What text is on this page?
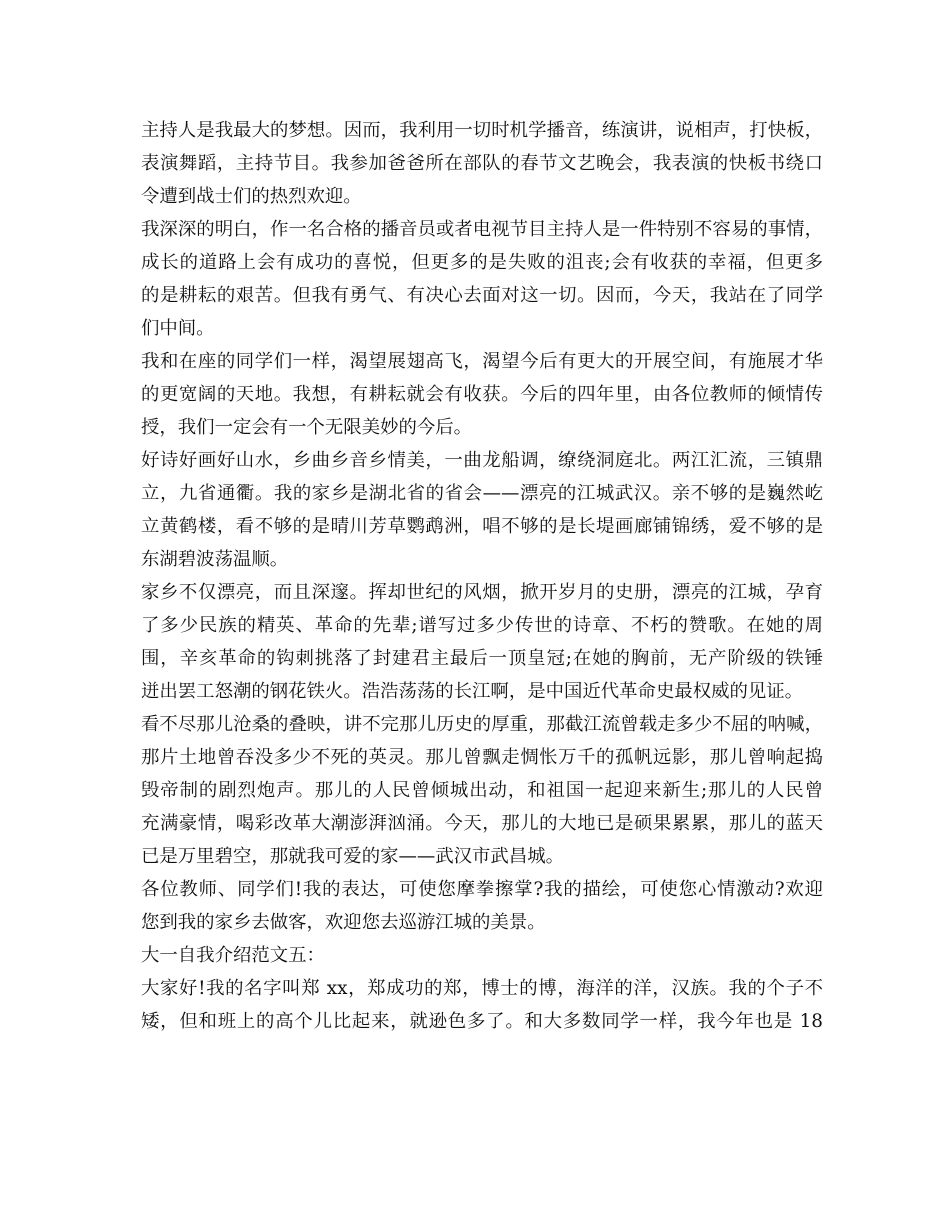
主持人是我最大的梦想。因而，我利用一切时机学播音，练演讲，说相声，打快板，
表演舞蹈，主持节目。我参加爸爸所在部队的春节文艺晚会，我表演的快板书绕口
令遭到战士们的热烈欢迎。
我深深的明白，作一名合格的播音员或者电视节目主持人是一件特别不容易的事情，
成长的道路上会有成功的喜悦，但更多的是失败的沮丧;会有收获的幸福，但更多
的是耕耘的艰苦。但我有勇气、有决心去面对这一切。因而，今天，我站在了同学
们中间。
我和在座的同学们一样，渴望展翅高飞，渴望今后有更大的开展空间，有施展才华
的更宽阔的天地。我想，有耕耘就会有收获。今后的四年里，由各位教师的倾情传
授，我们一定会有一个无限美妙的今后。
好诗好画好山水，乡曲乡音乡情美，一曲龙船调，缭绕洞庭北。两江汇流，三镇鼎
立，九省通衢。我的家乡是湖北省的省会——漂亮的江城武汉。亲不够的是巍然屹
立黄鹤楼，看不够的是晴川芳草鹦鹉洲，唱不够的是长堤画廊铺锦绣，爱不够的是
东湖碧波荡温顺。
家乡不仅漂亮，而且深邃。挥却世纪的风烟，掀开岁月的史册，漂亮的江城，孕育
了多少民族的精英、革命的先辈;谱写过多少传世的诗章、不朽的赞歌。在她的周
围，辛亥革命的钩刺挑落了封建君主最后一顶皇冠;在她的胸前，无产阶级的铁锤
迸出罢工怒潮的钢花铁火。浩浩荡荡的长江啊，是中国近代革命史最权威的见证。
看不尽那儿沧桑的叠映，讲不完那儿历史的厚重，那截江流曾载走多少不屈的呐喊，
那片土地曾吞没多少不死的英灵。那儿曾飘走惆怅万千的孤帆远影，那儿曾响起捣
毁帝制的剧烈炮声。那儿的人民曾倾城出动，和祖国一起迎来新生;那儿的人民曾
充满豪情，喝彩改革大潮澎湃汹涌。今天，那儿的大地已是硕果累累，那儿的蓝天
已是万里碧空，那就我可爱的家——武汉市武昌城。
各位教师、同学们!我的表达，可使您摩拳擦掌?我的描绘，可使您心情激动?欢迎
您到我的家乡去做客，欢迎您去巡游江城的美景。
大一自我介绍范文五：
大家好!我的名字叫郑 xx，郑成功的郑，博士的博，海洋的洋，汉族。我的个子不
矮，但和班上的高个儿比起来，就逊色多了。和大多数同学一样，我今年也是 18
